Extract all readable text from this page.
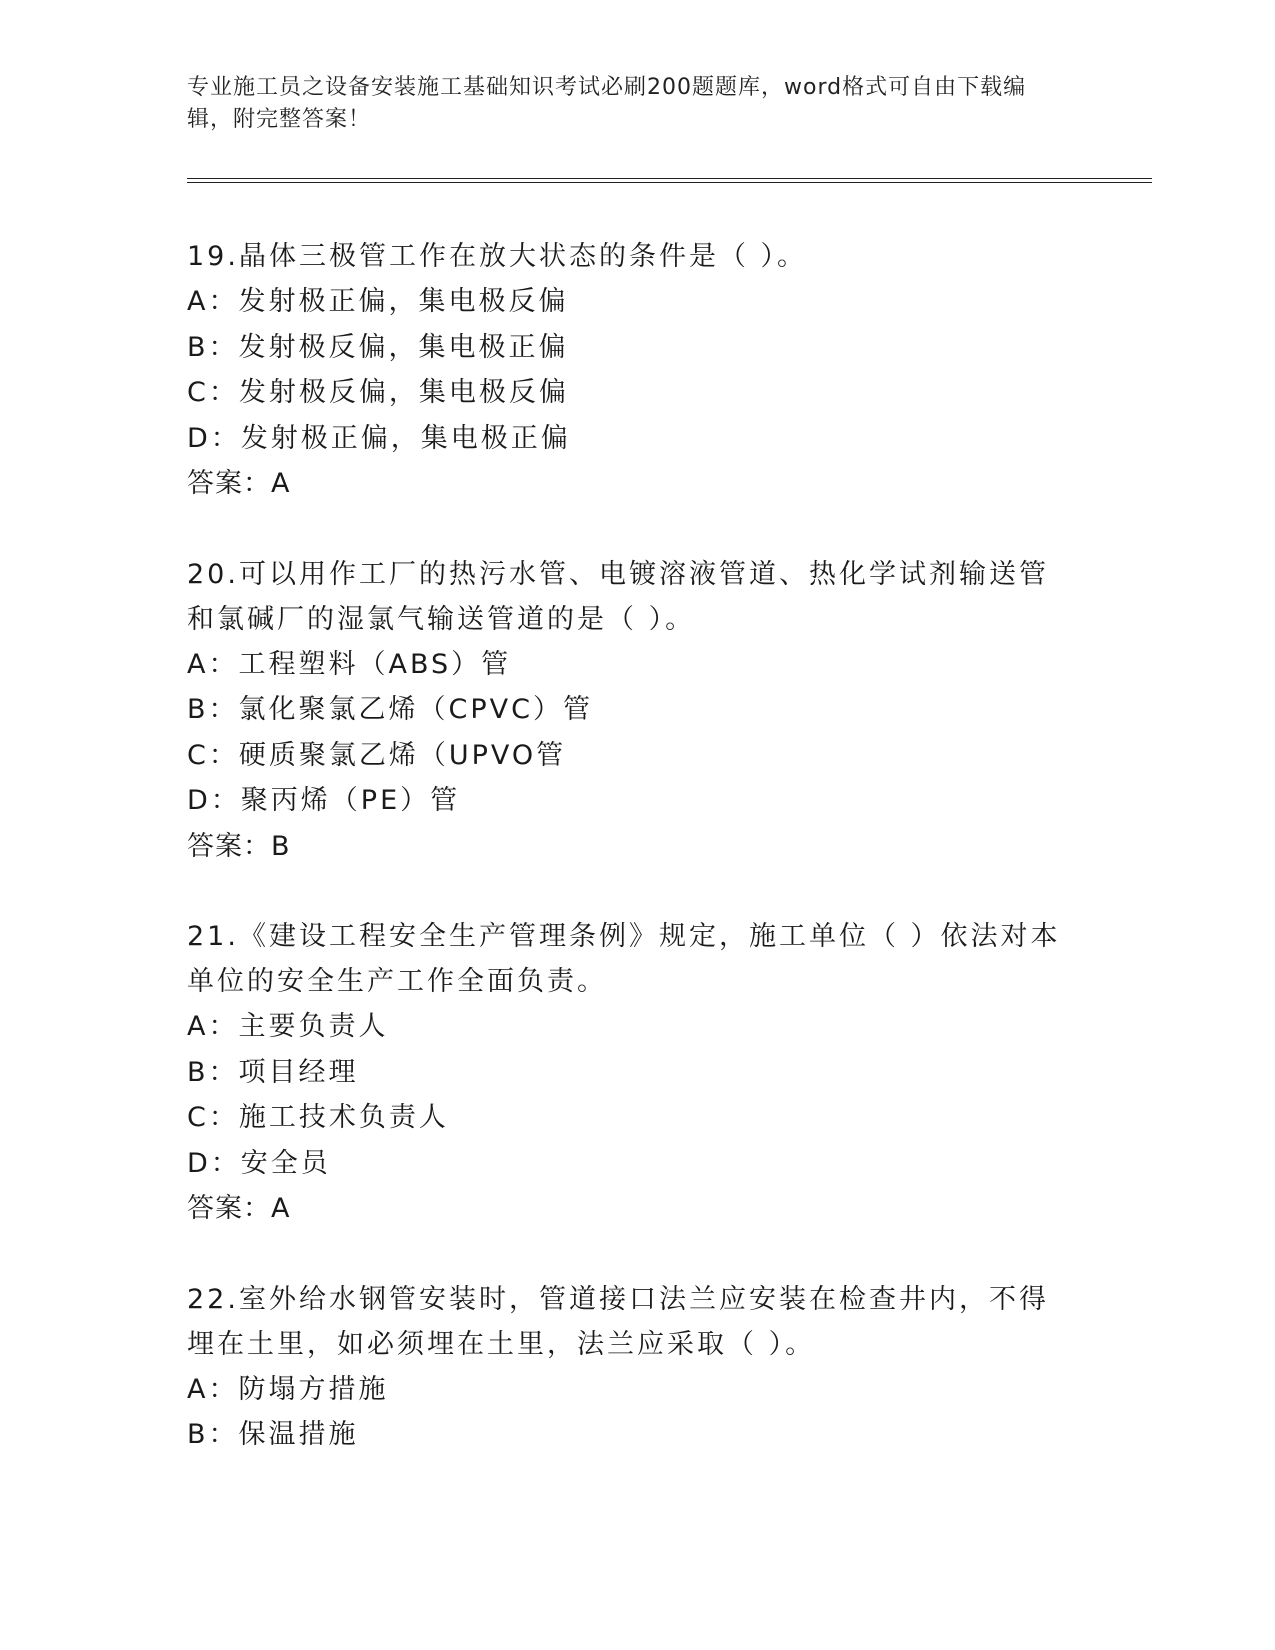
专业施工员之设备安装施工基础知识考试必刷200题题库，word格式可自由下载编辑，附完整答案！

19.晶体三极管工作在放大状态的条件是（ ）。

A：发射极正偏，集电极反偏

B：发射极反偏，集电极正偏

C：发射极反偏，集电极反偏

D：发射极正偏，集电极正偏

答案：A

20.可以用作工厂的热污水管、电镀溶液管道、热化学试剂输送管和氯碱厂的湿氯气输送管道的是（ ）。

A：工程塑料（ABS）管

B：氯化聚氯乙烯（CPVC）管

C：硬质聚氯乙烯（UPVO管

D：聚丙烯（PE）管

答案：B

21.《建设工程安全生产管理条例》规定，施工单位（ ）依法对本单位的安全生产工作全面负责。

A：主要负责人

B：项目经理

C：施工技术负责人

D：安全员

答案：A

22.室外给水钢管安装时，管道接口法兰应安装在检查井内，不得埋在土里，如必须埋在土里，法兰应采取（ ）。

A：防塌方措施

B：保温措施
